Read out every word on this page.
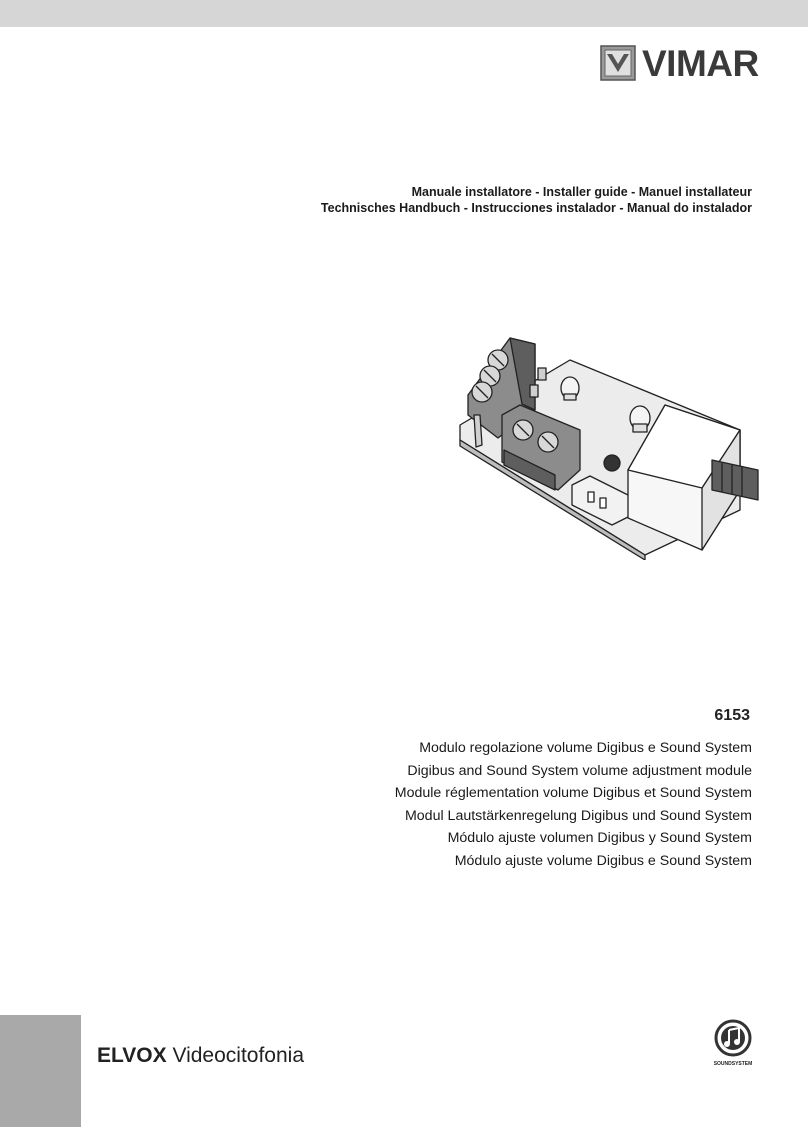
VIMAR
Manuale installatore - Installer guide - Manuel installateur
Technisches Handbuch - Instrucciones instalador - Manual do instalador
6153
Modulo regolazione volume Digibus e Sound System
Digibus and Sound System volume adjustment module
Module réglementation volume Digibus et Sound System
Modul Lautstärkenregelung Digibus und Sound System
Módulo ajuste volumen Digibus y Sound System
Módulo ajuste volume Digibus e Sound System
ELVOX Videocitofonia	SOUNDSYSTEM
